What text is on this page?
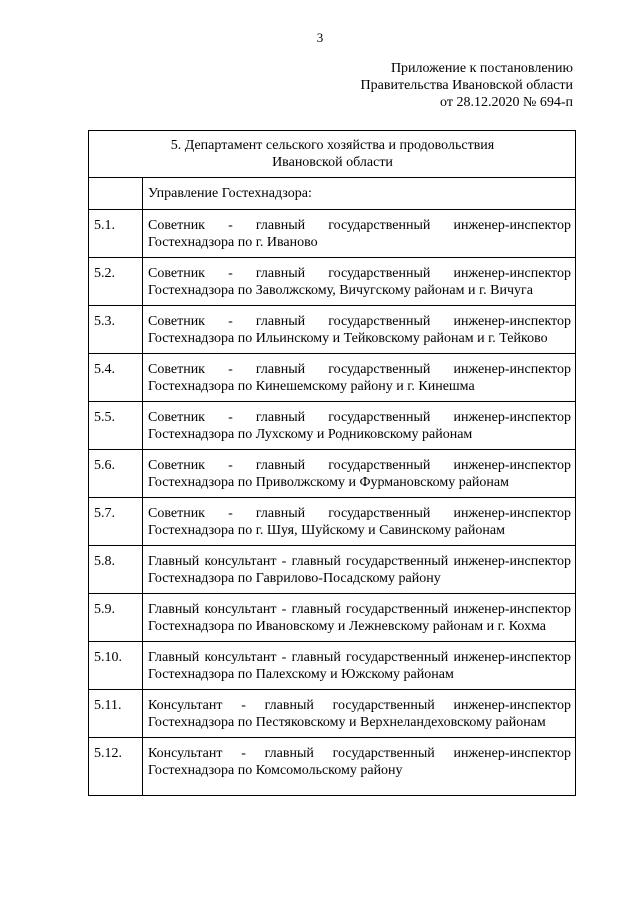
3
Приложение к постановлению
Правительства Ивановской области
от 28.12.2020 № 694-п
5. Департамент сельского хозяйства и продовольствия
Ивановской области	

	Управление Гостехнадзора:
5.1.	Советник - главный государственный инженер-инспектор Гостехнадзора по г. Иваново
5.2.	Советник - главный государственный инженер-инспектор Гостехнадзора по Заволжскому, Вичугскому районам и г. Вичуга
5.3.	Советник - главный государственный инженер-инспектор Гостехнадзора по Ильинскому и Тейковскому районам и г. Тейково
5.4.	Советник - главный государственный инженер-инспектор Гостехнадзора по Кинешемскому району и г. Кинешма
5.5.	Советник - главный государственный инженер-инспектор Гостехнадзора по Лухскому и Родниковскому районам
5.6.	Советник - главный государственный инженер-инспектор Гостехнадзора по Приволжскому и Фурмановскому районам
5.7.	Советник - главный государственный инженер-инспектор Гостехнадзора по г. Шуя, Шуйскому и Савинскому районам
5.8.	Главный консультант - главный государственный инженер-инспектор Гостехнадзора по Гаврилово-Посадскому району
5.9.	Главный консультант - главный государственный инженер-инспектор Гостехнадзора по Ивановскому и Лежневскому районам и г. Кохма
5.10.	Главный консультант - главный государственный инженер-инспектор Гостехнадзора по Палехскому и Южскому районам
5.11.	Консультант - главный государственный инженер-инспектор Гостехнадзора по Пестяковскому и Верхнеландеховскому районам
5.12.	Консультант - главный государственный инженер-инспектор Гостехнадзора по Комсомольскому району
